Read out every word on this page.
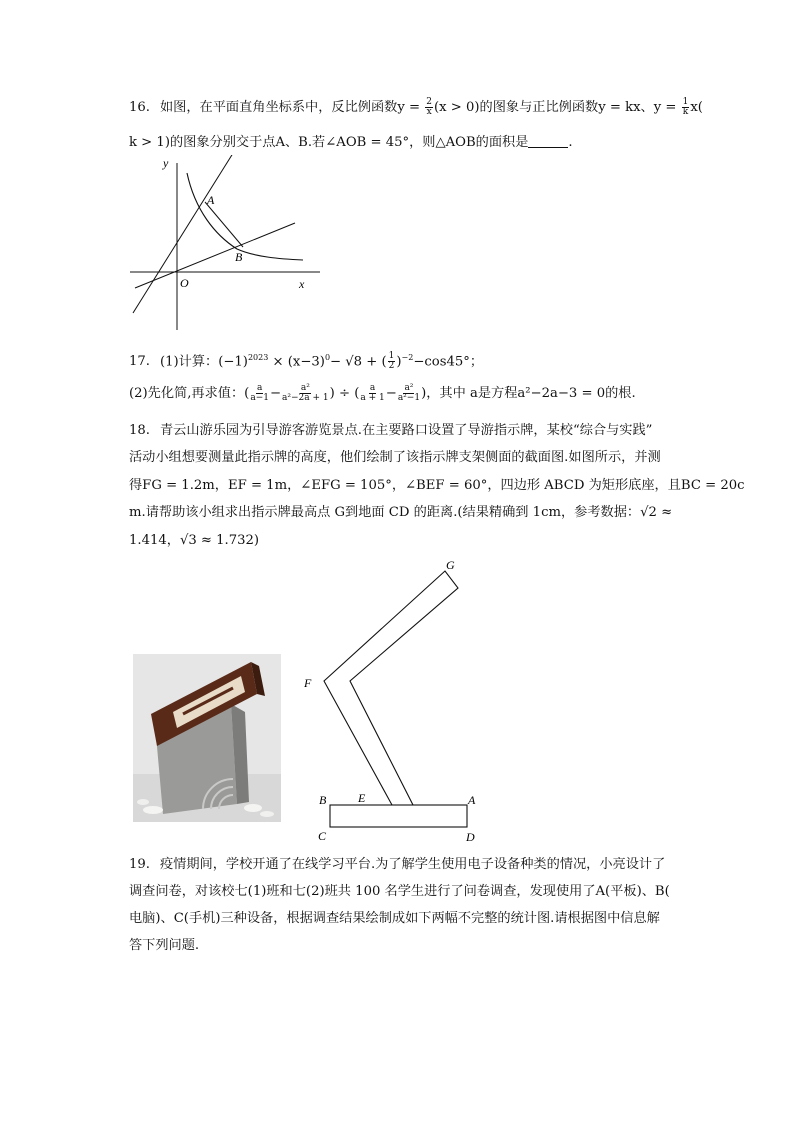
16. 如图，在平面直角坐标系中，反比例函数$y = \frac{2}{x} (x > 0)$的图象与正比例函数y = kx、$y = \frac{1}{k} x$(
k > 1)的图象分别交于点A、B.若∠AOB = 45°，则△AOB的面积是	.
y
x
O
A
B
17. (1)计算：$(-1)^{2023} \times (x-3)^0- √8$ + ( $\frac{1}{2} )^{-2}-\cos 45^\circ$；
(2)先化简,再求值：( $\frac{a}{a-1} - \frac{\text{a²}}{\text{a²−2a + 1}}$ ) ÷ ( $\frac{a}{a + 1} - \frac{\text{a²}}{\text{a²−1}}$ )，其中 a是方程a²−2a−3 = 0的根.
18. 青云山游乐园为引导游客游览景点.在主要路口设置了导游指示牌，某校“综合与实践”
活动小组想要测量此指示牌的高度，他们绘制了该指示牌支架侧面的截面图.如图所示，并测
得FG = 1.2m，EF = 1m，∠EFG = 105°，∠BEF = 60°，四边形 ABCD 为矩形底座，且BC = 20c
m.请帮助该小组求出指示牌最高点 G到地面 CD 的距离.(结果精确到 1cm，参考数据：√2 ≈
1.414，√3 ≈ 1.732)
G
F
B	E	A
C	D
19. 疫情期间，学校开通了在线学习平台.为了解学生使用电子设备种类的情况，小亮设计了
调查问卷，对该校七(1)班和七(2)班共 100 名学生进行了问卷调查，发现使用了A(平板)、B(
电脑)、C(手机)三种设备，根据调查结果绘制成如下两幅不完整的统计图.请根据图中信息解
答下列问题.
